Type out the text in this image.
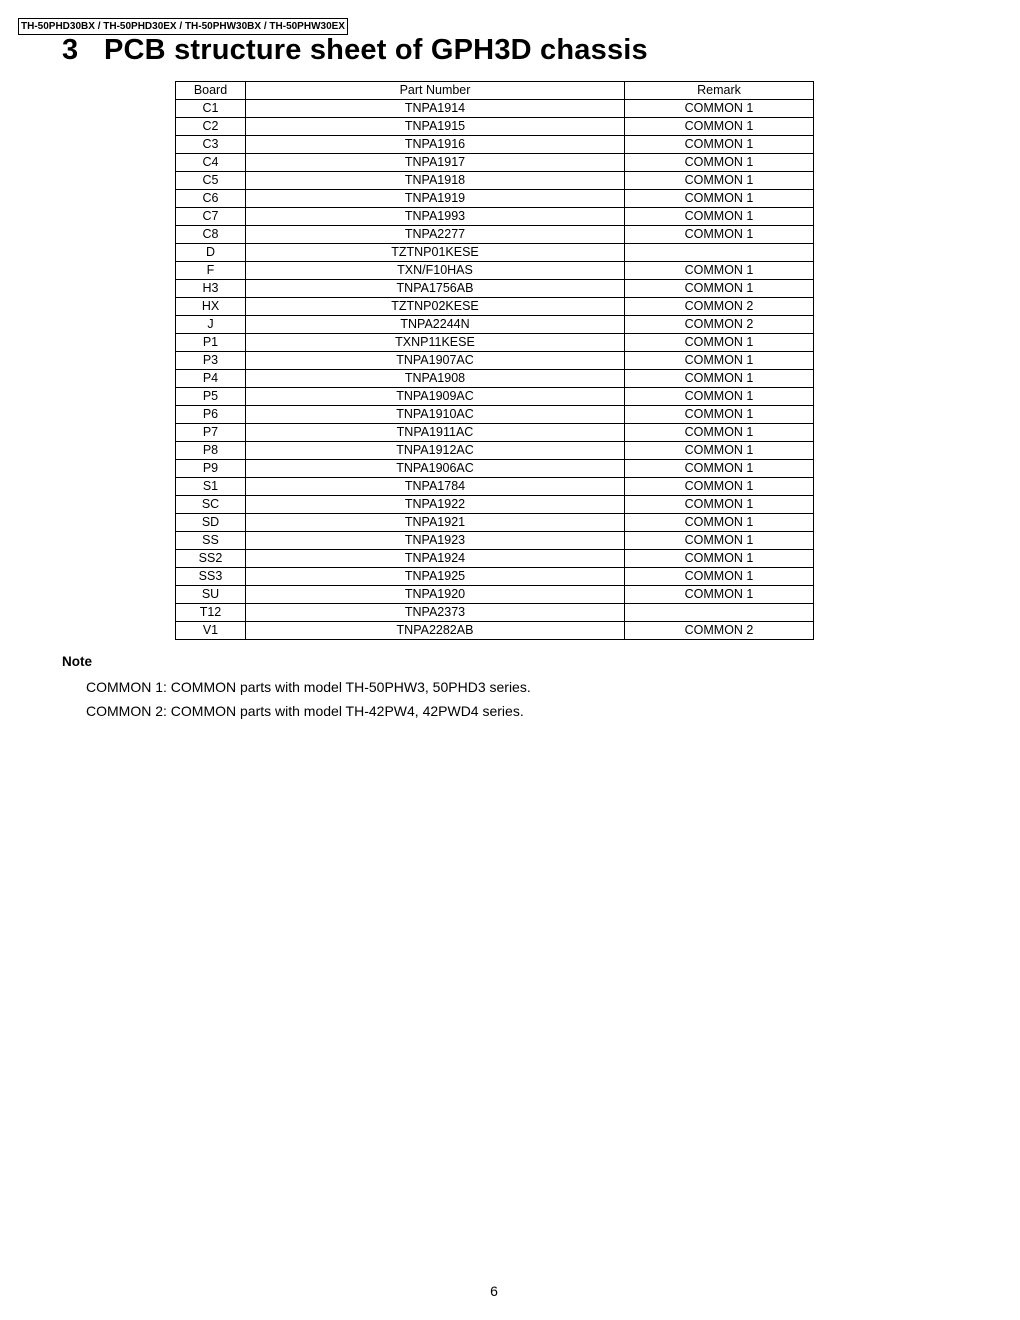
TH-50PHD30BX / TH-50PHD30EX / TH-50PHW30BX / TH-50PHW30EX
3 PCB structure sheet of GPH3D chassis
Board	Part Number	Remark
C1	TNPA1914	COMMON 1
C2	TNPA1915	COMMON 1
C3	TNPA1916	COMMON 1
C4	TNPA1917	COMMON 1
C5	TNPA1918	COMMON 1
C6	TNPA1919	COMMON 1
C7	TNPA1993	COMMON 1
C8	TNPA2277	COMMON 1
D	TZTNP01KESE	
F	TXN/F10HAS	COMMON 1
H3	TNPA1756AB	COMMON 1
HX	TZTNP02KESE	COMMON 2
J	TNPA2244N	COMMON 2
P1	TXNP11KESE	COMMON 1
P3	TNPA1907AC	COMMON 1
P4	TNPA1908	COMMON 1
P5	TNPA1909AC	COMMON 1
P6	TNPA1910AC	COMMON 1
P7	TNPA1911AC	COMMON 1
P8	TNPA1912AC	COMMON 1
P9	TNPA1906AC	COMMON 1
S1	TNPA1784	COMMON 1
SC	TNPA1922	COMMON 1
SD	TNPA1921	COMMON 1
SS	TNPA1923	COMMON 1
SS2	TNPA1924	COMMON 1
SS3	TNPA1925	COMMON 1
SU	TNPA1920	COMMON 1
T12	TNPA2373	
V1	TNPA2282AB	COMMON 2
Note
COMMON 1: COMMON parts with model TH-50PHW3, 50PHD3 series.
COMMON 2: COMMON parts with model TH-42PW4, 42PWD4 series.
6
